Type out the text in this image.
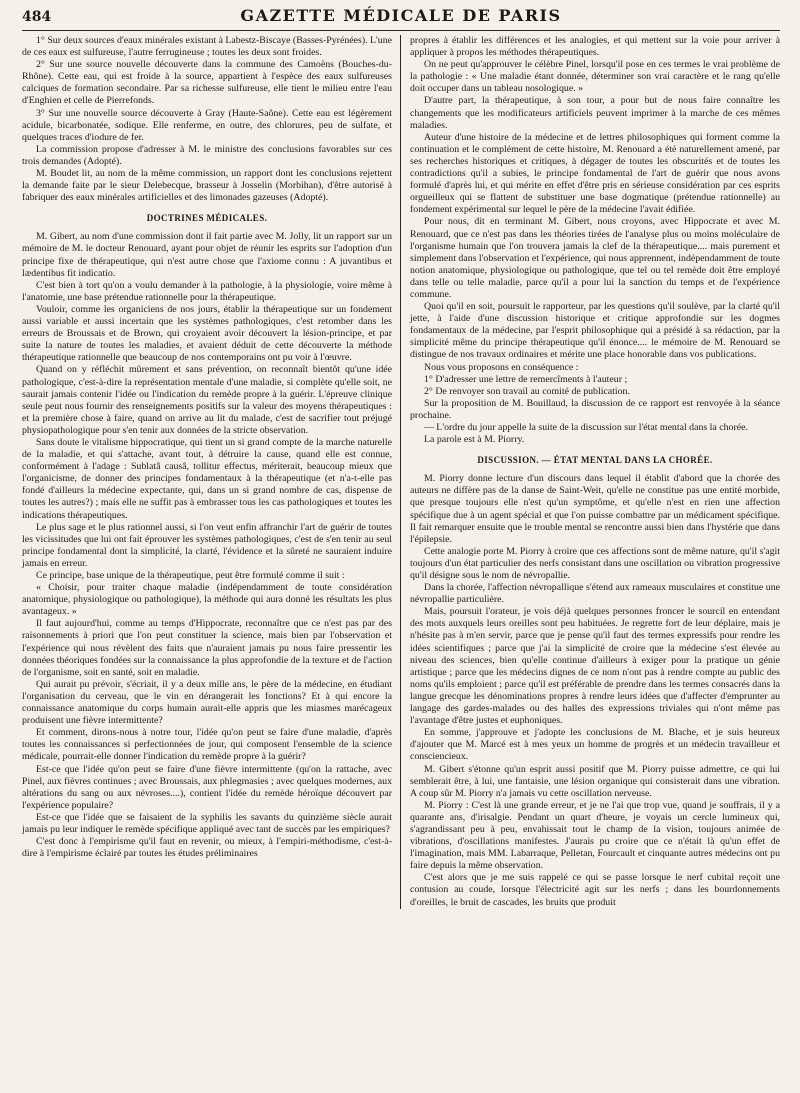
484	GAZETTE MÉDICALE DE PARIS

1° Sur deux sources d'eaux minérales existant à Labestz-Biscaye (Basses-Pyrénées). L'une de ces eaux est sulfureuse, l'autre ferrugineuse ; toutes les deux sont froides.

2° Sur une source nouvelle découverte dans la commune des Camoëns (Bouches-du-Rhône). Cette eau, qui est froide à la source, appartient à l'espèce des eaux sulfureuses calciques de formation secondaire. Par sa richesse sulfureuse, elle tient le milieu entre l'eau d'Enghien et celle de Pierrefonds.

3° Sur une nouvelle source découverte à Gray (Haute-Saône). Cette eau est légèrement acidule, bicarbonatée, sodique. Elle renferme, en outre, des chlorures, peu de sulfate, et quelques traces d'iodure de fer.

La commission propose d'adresser à M. le ministre des conclusions favorables sur ces trois demandes (Adopté).

M. Boudet lit, au nom de la même commission, un rapport dont les conclusions rejettent la demande faite par le sieur Delebecque, brasseur à Josselin (Morbihan), d'être autorisé à fabriquer des eaux minérales artificielles et des limonades gazeuses (Adopté).

DOCTRINES MÉDICALES.

M. Gibert, au nom d'une commission dont il fait partie avec M. Jolly, lit un rapport sur un mémoire de M. le docteur Renouard, ayant pour objet de réunir les esprits sur l'adoption d'un principe fixe de thérapeutique, qui n'est autre chose que l'axiome connu : A juvantibus et lædentibus fit indicatio.

C'est bien à tort qu'on a voulu demander à la pathologie, à la physiologie, voire même à l'anatomie, une base prétendue rationnelle pour la thérapeutique.

Vouloir, comme les organiciens de nos jours, établir la thérapeutique sur un fondement aussi variable et aussi incertain que les systèmes pathologiques, c'est retomber dans les erreurs de Broussais et de Brown, qui croyaient avoir découvert la lésion-principe, et par suite la nature de toutes les maladies, et avaient déduit de cette découverte la méthode thérapeutique rationnelle que beaucoup de nos contemporains ont pu voir à l'œuvre.

Quand on y réfléchit mûrement et sans prévention, on reconnaît bientôt qu'une idée pathologique, c'est-à-dire la représentation mentale d'une maladie, si complète qu'elle soit, ne saurait jamais contenir l'idée ou l'indication du remède propre à la guérir. L'épreuve clinique seule peut nous fournir des renseignements positifs sur la valeur des moyens thérapeutiques : et la première chose à faire, quand on arrive au lit du malade, c'est de sacrifier tout préjugé physiopathologique pour s'en tenir aux données de la stricte observation.

Sans doute le vitalisme hippocratique, qui tient un si grand compte de la marche naturelle de la maladie, et qui s'attache, avant tout, à détruire la cause, quand elle est connue, conformément à l'adage : Sublatâ causâ, tollitur effectus, mériterait, beaucoup mieux que l'organicisme, de donner des principes fondamentaux à la thérapeutique (et n'a-t-elle pas fondé d'ailleurs la médecine expectante, qui, dans un si grand nombre de cas, dispense de toutes les autres?) ; mais elle ne suffit pas à embrasser tous les cas pathologiques et toutes les indications thérapeutiques.

Le plus sage et le plus rationnel aussi, si l'on veut enfin affranchir l'art de guérir de toutes les vicissitudes que lui ont fait éprouver les systèmes pathologiques, c'est de s'en tenir au seul principe fondamental dont la simplicité, la clarté, l'évidence et la sûreté ne sauraient induire jamais en erreur.

Ce principe, base unique de la thérapeutique, peut être formulé comme il suit :

« Choisir, pour traiter chaque maladie (indépendamment de toute considération anatomique, physiologique ou pathologique), la méthode qui aura donné les résultats les plus avantageux. »

Il faut aujourd'hui, comme au temps d'Hippocrate, reconnaître que ce n'est pas par des raisonnements à priori que l'on peut constituer la science, mais bien par l'observation et l'expérience qui nous révèlent des faits que n'auraient jamais pu nous faire pressentir les données théoriques fondées sur la connaissance la plus approfondie de la texture et de l'action de l'organisme, soit en santé, soit en maladie.

Qui aurait pu prévoir, s'écriait, il y a deux mille ans, le père de la médecine, en étudiant l'organisation du cerveau, que le vin en dérangerait les fonctions? Et à qui encore la connaissance anatomique du corps humain aurait-elle appris que les miasmes marécageux produisent une fièvre intermittente?

Et comment, dirons-nous à notre tour, l'idée qu'on peut se faire d'une maladie, d'après toutes les connaissances si perfectionnées de jour, qui composent l'ensemble de la science médicale, pourrait-elle donner l'indication du remède propre à la guérir?

Est-ce que l'idée qu'on peut se faire d'une fièvre intermittente (qu'on la rattache, avec Pinel, aux fièvres continues ; avec Broussais, aux phlegmasies ; avec quelques modernes, aux altérations du sang ou aux névroses....), contient l'idée du remède héroïque découvert par l'expérience populaire?

Est-ce que l'idée que se faisaient de la syphilis les savants du quinzième siècle aurait jamais pu leur indiquer le remède spécifique appliqué avec tant de succès par les empiriques?

C'est donc à l'empirisme qu'il faut en revenir, ou mieux, à l'empiri-méthodisme, c'est-à-dire à l'empirisme éclairé par toutes les études préliminaires

propres à établir les différences et les analogies, et qui mettent sur la voie pour arriver à appliquer à propos les méthodes thérapeutiques.

On ne peut qu'approuver le célèbre Pinel, lorsqu'il pose en ces termes le vrai problème de la pathologie : « Une maladie étant donnée, déterminer son vrai caractère et le rang qu'elle doit occuper dans un tableau nosologique. »

D'autre part, la thérapeutique, à son tour, a pour but de nous faire connaître les changements que les modificateurs artificiels peuvent imprimer à la marche de ces mêmes maladies.

Auteur d'une histoire de la médecine et de lettres philosophiques qui forment comme la continuation et le complément de cette histoire, M. Renouard a été naturellement amené, par ses recherches historiques et critiques, à dégager de toutes les obscurités et de toutes les contradictions qu'il a subies, le principe fondamental de l'art de guérir que nous avons formulé d'après lui, et qui mérite en effet d'être pris en sérieuse considération par ces esprits orgueilleux qui se flattent de substituer une base dogmatique (prétendue rationnelle) au fondement expérimental sur lequel le père de la médecine l'avait édifiée.

Pour nous, dit en terminant M. Gibert, nous croyons, avec Hippocrate et avec M. Renouard, que ce n'est pas dans les théories tirées de l'analyse plus ou moins moléculaire de l'organisme humain que l'on trouvera jamais la clef de la thérapeutique.... mais purement et simplement dans l'observation et l'expérience, qui nous apprennent, indépendamment de toute notion anatomique, physiologique ou pathologique, que tel ou tel remède doit être employé dans telle ou telle maladie, parce qu'il a pour lui la sanction du temps et de l'expérience commune.

Quoi qu'il en soit, poursuit le rapporteur, par les questions qu'il soulève, par la clarté qu'il jette, à l'aide d'une discussion historique et critique approfondie sur les dogmes fondamentaux de la médecine, par l'esprit philosophique qui a présidé à sa rédaction, par la simplicité même du principe thérapeutique qu'il énonce.... le mémoire de M. Renouard se distingue de nos travaux ordinaires et mérite une place honorable dans vos publications.

Nous vous proposons en conséquence :

1° D'adresser une lettre de remercîments à l'auteur ;

2° De renvoyer son travail au comité de publication.

Sur la proposition de M. Bouillaud, la discussion de ce rapport est renvoyée à la séance prochaine.

— L'ordre du jour appelle la suite de la discussion sur l'état mental dans la chorée.

La parole est à M. Piorry.

DISCUSSION. — ÉTAT MENTAL DANS LA CHORÉE.

M. Piorry donne lecture d'un discours dans lequel il établit d'abord que la chorée des auteurs ne diffère pas de la danse de Saint-Weit, qu'elle ne constitue pas une entité morbide, que presque toujours elle n'est qu'un symptôme, et qu'elle n'est en rien une affection spécifique due à un agent spécial et que l'on puisse combattre par un médicament spécifique. Il fait remarquer ensuite que le trouble mental se rencontre aussi bien dans l'hystérie que dans l'épilepsie.

Cette analogie porte M. Piorry à croire que ces affections sont de même nature, qu'il s'agit toujours d'un état particulier des nerfs consistant dans une oscillation ou vibration progressive qu'il désigne sous le nom de névropallie.

Dans la chorée, l'affection névropallique s'étend aux rameaux musculaires et constitue une névropallie particulière.

Mais, poursuit l'orateur, je vois déjà quelques personnes froncer le sourcil en entendant des mots auxquels leurs oreilles sont peu habituées. Je regrette fort de leur déplaire, mais je n'hésite pas à m'en servir, parce que je pense qu'il faut des termes expressifs pour rendre les idées scientifiques ; parce que j'ai la simplicité de croire que la médecine s'est élevée au niveau des sciences, bien qu'elle continue d'ailleurs à exiger pour la pratique un génie artistique ; parce que les médecins dignes de ce nom n'ont pas à rendre compte au public des noms qu'ils emploient ; parce qu'il est préférable de prendre dans les termes consacrés dans la langue grecque les dénominations propres à rendre leurs idées que d'affecter d'emprunter au langage des gardes-malades ou des halles des expressions triviales qui n'ont même pas l'avantage d'être justes et euphoniques.

En somme, j'approuve et j'adopte les conclusions de M. Blache, et je suis heureux d'ajouter que M. Marcé est à mes yeux un homme de progrès et un médecin travailleur et consciencieux.

M. Gibert s'étonne qu'un esprit aussi positif que M. Piorry puisse admettre, ce qui lui semblerait être, à lui, une fantaisie, une lésion organique qui consisterait dans une vibration. A coup sûr M. Piorry n'a jamais vu cette oscillation nerveuse.

M. Piorry : C'est là une grande erreur, et je ne l'ai que trop vue, quand je souffrais, il y a quarante ans, d'irisalgie. Pendant un quart d'heure, je voyais un cercle lumineux qui, s'agrandissant peu à peu, envahissait tout le champ de la vision, toujours animée de vibrations, d'oscillations manifestes. J'aurais pu croire que ce n'était là qu'un effet de l'imagination, mais MM. Labarraque, Pelletan, Fourcault et cinquante autres médecins ont pu faire depuis la même observation.

C'est alors que je me suis rappelé ce qui se passe lorsque le nerf cubital reçoit une contusion au coude, lorsque l'électricité agit sur les nerfs ; dans les bourdonnements d'oreilles, le bruit de cascades, les bruits que produit
